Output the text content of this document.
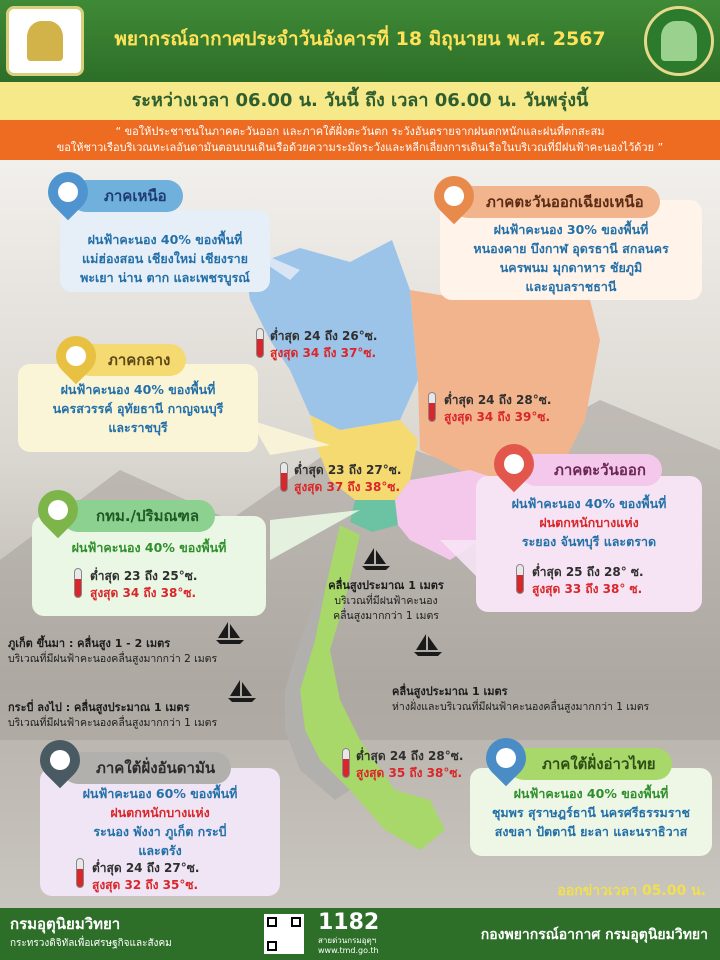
พยากรณ์อากาศประจำวันอังคารที่ 18 มิถุนายน พ.ศ. 2567
ระหว่างเวลา 06.00 น. วันนี้ ถึง เวลา 06.00 น. วันพรุ่งนี้
“ ขอให้ประชาชนในภาคตะวันออก และภาคใต้ฝั่งตะวันตก ระวังอันตรายจากฝนตกหนักและฝนที่ตกสะสม
ขอให้ชาวเรือบริเวณทะเลอันดามันตอนบนเดินเรือด้วยความระมัดระวังและหลีกเลี่ยงการเดินเรือในบริเวณที่มีฝนฟ้าคะนองไว้ด้วย ”
ฝนฟ้าคะนอง 40% ของพื้นที่
แม่ฮ่องสอน เชียงใหม่ เชียงราย
พะเยา น่าน ตาก และเพชรบูรณ์
ภาคเหนือ
ต่ำสุด 24 ถึง 26°ซ.
สูงสุด 34 ถึง 37°ซ.
ฝนฟ้าคะนอง 30% ของพื้นที่
หนองคาย บึงกาฬ อุดรธานี สกลนคร
นครพนม มุกดาหาร ชัยภูมิ
และอุบลราชธานี
ภาคตะวันออกเฉียงเหนือ
ต่ำสุด 24 ถึง 28°ซ.
สูงสุด 34 ถึง 39°ซ.
ฝนฟ้าคะนอง 40% ของพื้นที่
นครสวรรค์ อุทัยธานี กาญจนบุรี
และราชบุรี
ภาคกลาง
ต่ำสุด 23 ถึง 27°ซ.
สูงสุด 37 ถึง 38°ซ.
ฝนฟ้าคะนอง 40% ของพื้นที่
ฝนตกหนักบางแห่ง
ระยอง จันทบุรี และตราด
ต่ำสุด 25 ถึง 28° ซ.
สูงสุด 33 ถึง 38° ซ.
ภาคตะวันออก
ฝนฟ้าคะนอง 40% ของพื้นที่
ต่ำสุด 23 ถึง 25°ซ.
สูงสุด 34 ถึง 38°ซ.
กทม./ปริมณฑล
คลื่นสูงประมาณ 1 เมตร
บริเวณที่มีฝนฟ้าคะนอง
คลื่นสูงมากกว่า 1 เมตร
ภูเก็ต ขึ้นมา : คลื่นสูง 1 - 2 เมตร
บริเวณที่มีฝนฟ้าคะนองคลื่นสูงมากกว่า 2 เมตร
คลื่นสูงประมาณ 1 เมตร
ห่างฝั่งและบริเวณที่มีฝนฟ้าคะนองคลื่นสูงมากกว่า 1 เมตร
กระบี่ ลงไป : คลื่นสูงประมาณ 1 เมตร
บริเวณที่มีฝนฟ้าคะนองคลื่นสูงมากกว่า 1 เมตร
ฝนฟ้าคะนอง 60% ของพื้นที่
ฝนตกหนักบางแห่ง
ระนอง พังงา ภูเก็ต กระบี่
และตรัง
ต่ำสุด 24 ถึง 27°ซ.
สูงสุด 32 ถึง 35°ซ.
ภาคใต้ฝั่งอันดามัน
ต่ำสุด 24 ถึง 28°ซ.
สูงสุด 35 ถึง 38°ซ.
ฝนฟ้าคะนอง 40% ของพื้นที่
ชุมพร สุราษฎร์ธานี นครศรีธรรมราช
สงขลา ปัตตานี ยะลา และนราธิวาส
ภาคใต้ฝั่งอ่าวไทย
ออกข่าวเวลา 05.00 น.
กรมอุตุนิยมวิทยา
กระทรวงดิจิทัลเพื่อเศรษฐกิจและสังคม
1182
สายด่วนกรมอุตุฯ
www.tmd.go.th
กองพยากรณ์อากาศ กรมอุตุนิยมวิทยา
